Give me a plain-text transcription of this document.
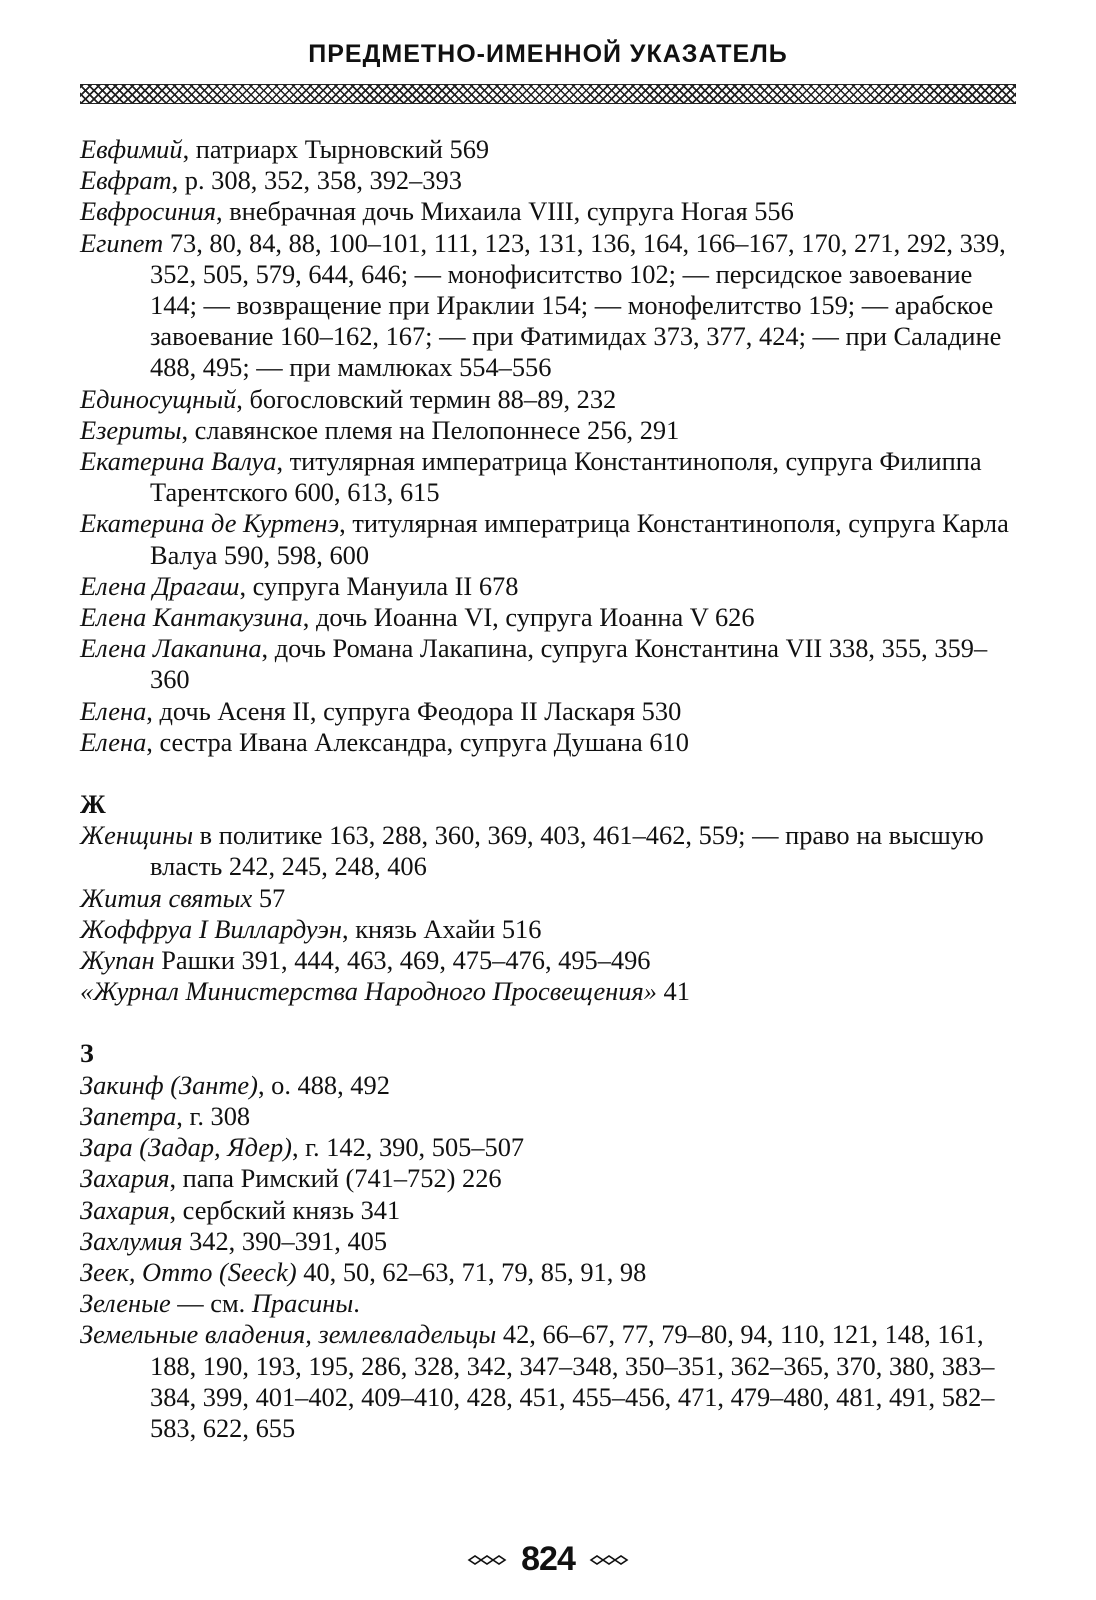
ПРЕДМЕТНО-ИМЕННОЙ УКАЗАТЕЛЬ
Евфимий, патриарх Тырновский 569
Евфрат, р. 308, 352, 358, 392–393
Евфросиния, внебрачная дочь Михаила VIII, супруга Ногая 556
Египет 73, 80, 84, 88, 100–101, 111, 123, 131, 136, 164, 166–167, 170, 271, 292, 339, 352, 505, 579, 644, 646; — монофиситство 102; — персидское завоевание 144; — возвращение при Ираклии 154; — монофелитство 159; — арабское завоевание 160–162, 167; — при Фатимидах 373, 377, 424; — при Саладине 488, 495; — при мамлюках 554–556
Единосущный, богословский термин 88–89, 232
Езериты, славянское племя на Пелопоннесе 256, 291
Екатерина Валуа, титулярная императрица Константинополя, супруга Филиппа Тарентского 600, 613, 615
Екатерина де Куртенэ, титулярная императрица Константинополя, супруга Карла Валуа 590, 598, 600
Елена Драгаш, супруга Мануила II 678
Елена Кантакузина, дочь Иоанна VI, супруга Иоанна V 626
Елена Лакапина, дочь Романа Лакапина, супруга Константина VII 338, 355, 359–360
Елена, дочь Асеня II, супруга Феодора II Ласкаря 530
Елена, сестра Ивана Александра, супруга Душана 610
Ж
Женщины в политике 163, 288, 360, 369, 403, 461–462, 559; — право на высшую власть 242, 245, 248, 406
Жития святых 57
Жоффруа I Виллардуэн, князь Ахайи 516
Жупан Рашки 391, 444, 463, 469, 475–476, 495–496
«Журнал Министерства Народного Просвещения» 41
З
Закинф (Занте), о. 488, 492
Запетра, г. 308
Зара (Задар, Ядер), г. 142, 390, 505–507
Захария, папа Римский (741–752) 226
Захария, сербский князь 341
Захлумия 342, 390–391, 405
Зеек, Отто (Seeck) 40, 50, 62–63, 71, 79, 85, 91, 98
Зеленые — см. Прасины.
Земельные владения, землевладельцы 42, 66–67, 77, 79–80, 94, 110, 121, 148, 161, 188, 190, 193, 195, 286, 328, 342, 347–348, 350–351, 362–365, 370, 380, 383–384, 399, 401–402, 409–410, 428, 451, 455–456, 471, 479–480, 481, 491, 582–583, 622, 655
824
